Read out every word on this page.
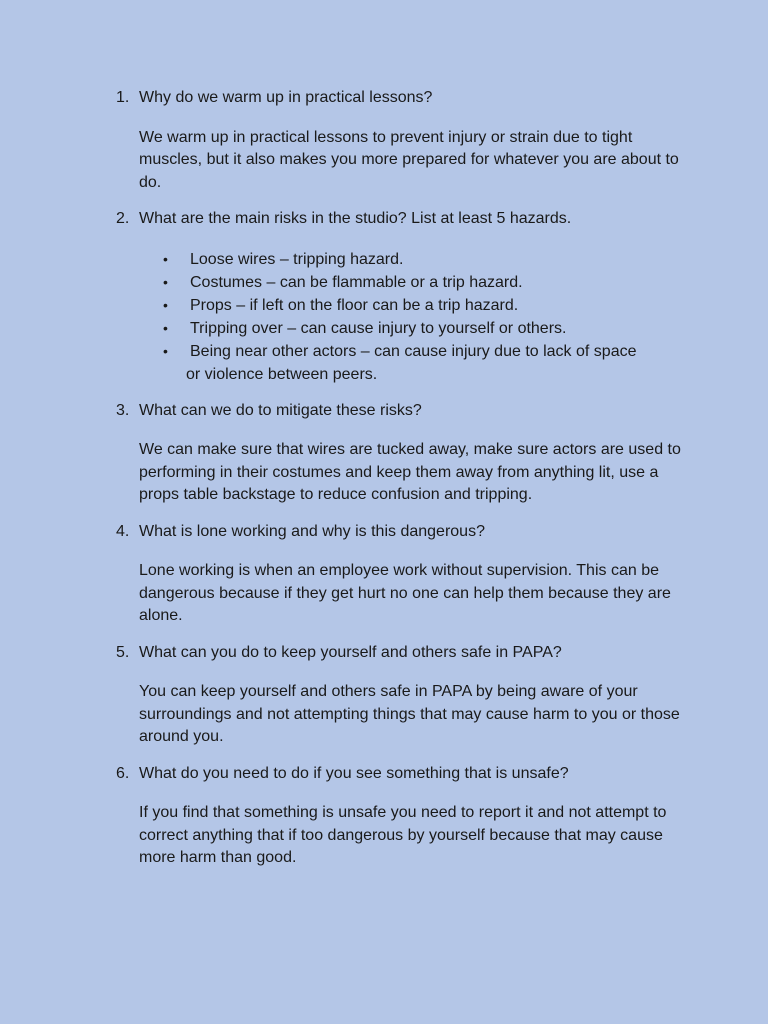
1. Why do we warm up in practical lessons?

We warm up in practical lessons to prevent injury or strain due to tight muscles, but it also makes you more prepared for whatever you are about to do.

2. What are the main risks in the studio? List at least 5 hazards.
• Loose wires – tripping hazard.
• Costumes – can be flammable or a trip hazard.
• Props – if left on the floor can be a trip hazard.
• Tripping over – can cause injury to yourself or others.
• Being near other actors – can cause injury due to lack of space
or violence between peers.
3. What can we do to mitigate these risks?

We can make sure that wires are tucked away, make sure actors are used to performing in their costumes and keep them away from anything lit, use a props table backstage to reduce confusion and tripping.

4. What is lone working and why is this dangerous?

Lone working is when an employee work without supervision. This can be dangerous because if they get hurt no one can help them because they are alone.

5. What can you do to keep yourself and others safe in PAPA?

You can keep yourself and others safe in PAPA by being aware of your surroundings and not attempting things that may cause harm to you or those around you.

6. What do you need to do if you see something that is unsafe?

If you find that something is unsafe you need to report it and not attempt to correct anything that if too dangerous by yourself because that may cause more harm than good.
